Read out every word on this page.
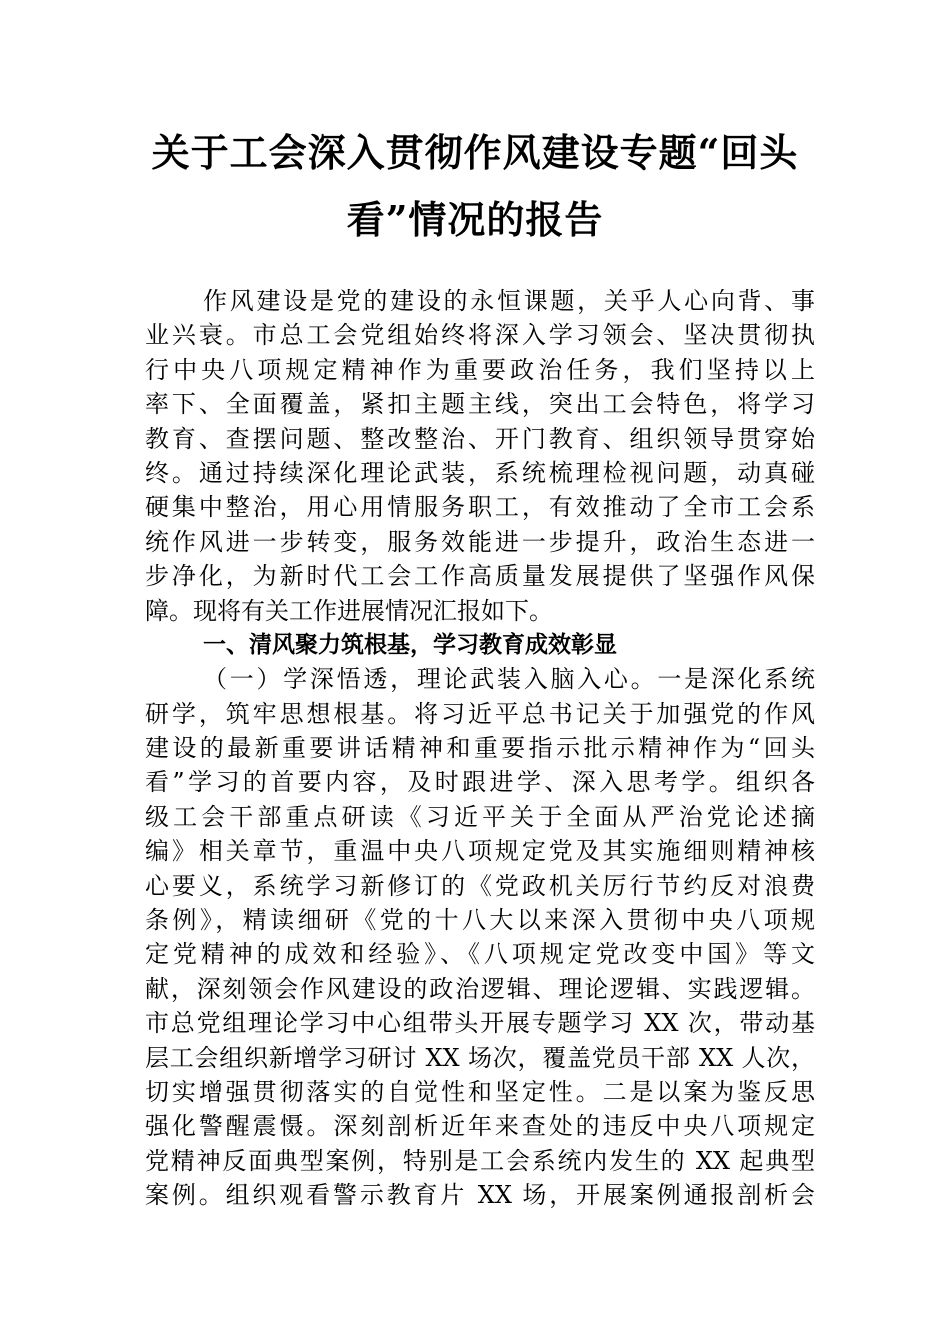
关于工会深入贯彻作风建设专题“回头
看”情况的报告
作风建设是党的建设的永恒课题，关乎人心向背、事
业兴衰。市总工会党组始终将深入学习领会、坚决贯彻执
行中央八项规定精神作为重要政治任务，我们坚持以上
率下、全面覆盖，紧扣主题主线，突出工会特色，将学习
教育、查摆问题、整改整治、开门教育、组织领导贯穿始
终。通过持续深化理论武装，系统梳理检视问题，动真碰
硬集中整治，用心用情服务职工，有效推动了全市工会系
统作风进一步转变，服务效能进一步提升，政治生态进一
步净化，为新时代工会工作高质量发展提供了坚强作风保
障。现将有关工作进展情况汇报如下。
一、清风聚力筑根基，学习教育成效彰显
（一）学深悟透，理论武装入脑入心。一是深化系统
研学，筑牢思想根基。将习近平总书记关于加强党的作风
建设的最新重要讲话精神和重要指示批示精神作为“回头
看”学习的首要内容，及时跟进学、深入思考学。组织各
级工会干部重点研读《习近平关于全面从严治党论述摘
编》相关章节，重温中央八项规定党及其实施细则精神核
心要义，系统学习新修订的《党政机关厉行节约反对浪费
条例》，精读细研《党的十八大以来深入贯彻中央八项规
定党精神的成效和经验》、《八项规定党改变中国》等文
献，深刻领会作风建设的政治逻辑、理论逻辑、实践逻辑。
市总党组理论学习中心组带头开展专题学习 XX 次，带动基
层工会组织新增学习研讨 XX 场次，覆盖党员干部 XX 人次，
切实增强贯彻落实的自觉性和坚定性。二是以案为鉴反思
强化警醒震慑。深刻剖析近年来查处的违反中央八项规定
党精神反面典型案例，特别是工会系统内发生的 XX 起典型
案例。组织观看警示教育片 XX 场，开展案例通报剖析会
